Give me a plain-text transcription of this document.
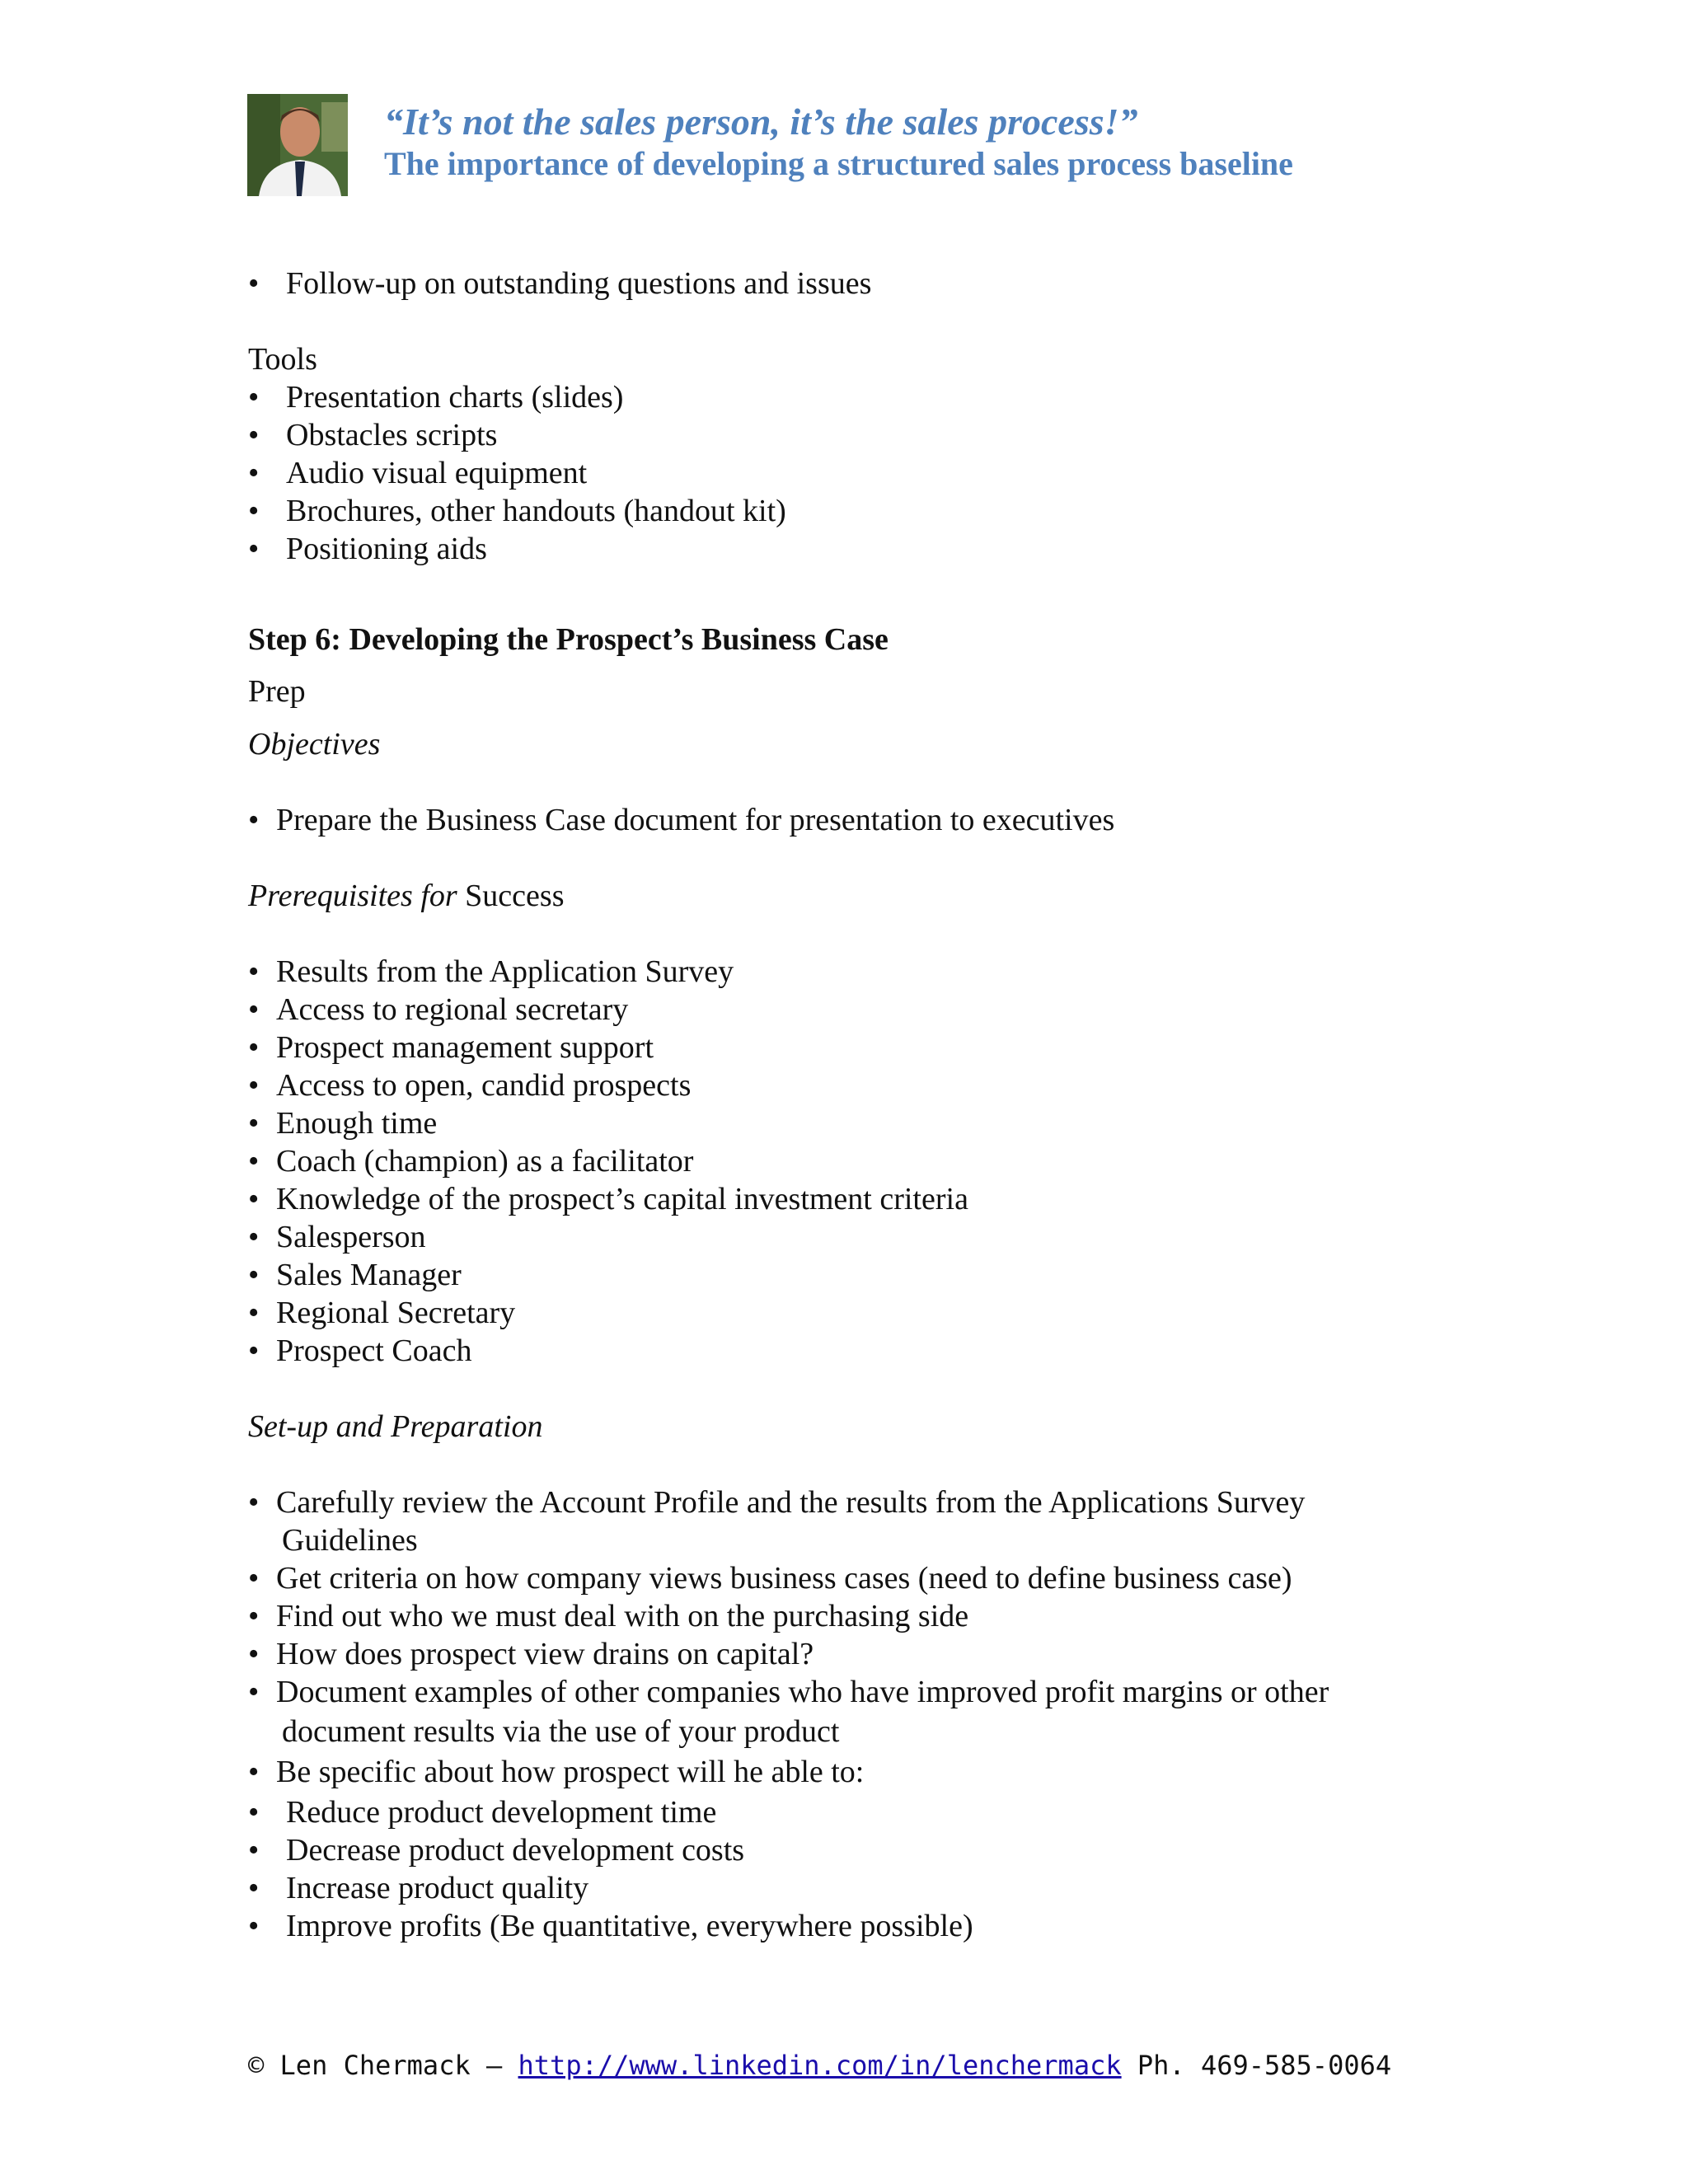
“It’s not the sales person, it’s the sales process!”
The importance of developing a structured sales process baseline
• Follow-up on outstanding questions and issues
Tools
• Presentation charts (slides)
• Obstacles scripts
• Audio visual equipment
• Brochures, other handouts (handout kit)
• Positioning aids
Step 6: Developing the Prospect’s Business Case
Prep
Objectives
• Prepare the Business Case document for presentation to executives
Prerequisites for Success
• Results from the Application Survey
• Access to regional secretary
• Prospect management support
• Access to open, candid prospects
• Enough time
• Coach (champion) as a facilitator
• Knowledge of the prospect’s capital investment criteria
• Salesperson
• Sales Manager
• Regional Secretary
• Prospect Coach
Set-up and Preparation
• Carefully review the Account Profile and the results from the Applications Survey
Guidelines
• Get criteria on how company views business cases (need to define business case)
• Find out who we must deal with on the purchasing side
• How does prospect view drains on capital?
• Document examples of other companies who have improved profit margins or other
document results via the use of your product
• Be specific about how prospect will he able to:
• Reduce product development time
• Decrease product development costs
• Increase product quality
• Improve profits (Be quantitative, everywhere possible)
© Len Chermack – http://www.linkedin.com/in/lenchermack Ph. 469-585-0064
